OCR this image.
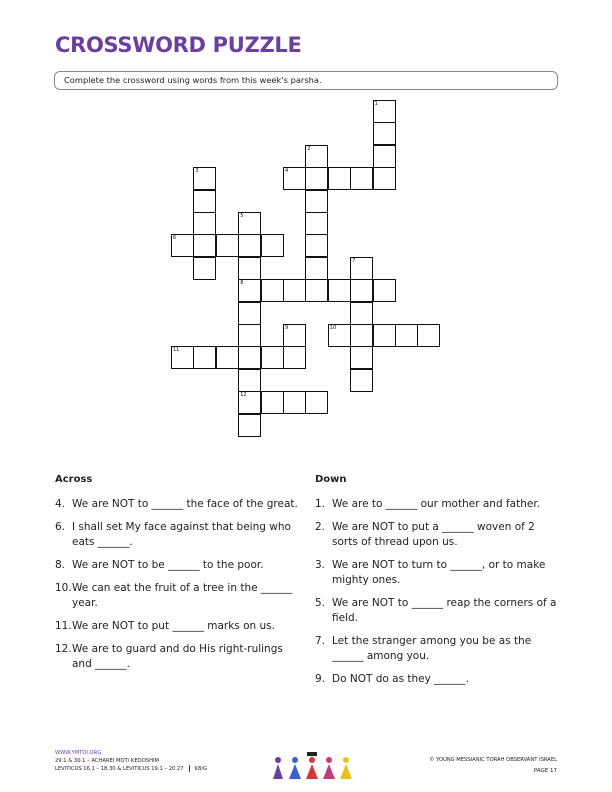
CROSSWORD PUZZLE
Complete the crossword using words from this week's parsha.
1
2
3
5
8
12
7
9
4
6
10
11
Across
4. We are NOT to ______ the face of the great.
6. I shall set My face against that being who eats ______.
8. We are NOT to be ______ to the poor.
10. We can eat the fruit of a tree in the ______ year.
11. We are NOT to put ______ marks on us.
12. We are to guard and do His right-rulings and ______.
Down
1. We are to ______ our mother and father.
2. We are NOT to put a ______ woven of 2 sorts of thread upon us.
3. We are NOT to turn to ______, or to make mighty ones.
5. We are NOT to ______ reap the corners of a field.
7. Let the stranger among you be as the ______ among you.
9. Do NOT do as they ______.
WWW.YMTOI.ORG
29.1 & 30.1 – ACHAREI MOT/ KEDOSHIM
LEVITICUS 16.1 – 18.30 & LEVITICUS 19.1 – 20.27 K8/G
© YOUNG MESSIANIC TORAH OBSERVANT ISRAEL
PAGE 17
